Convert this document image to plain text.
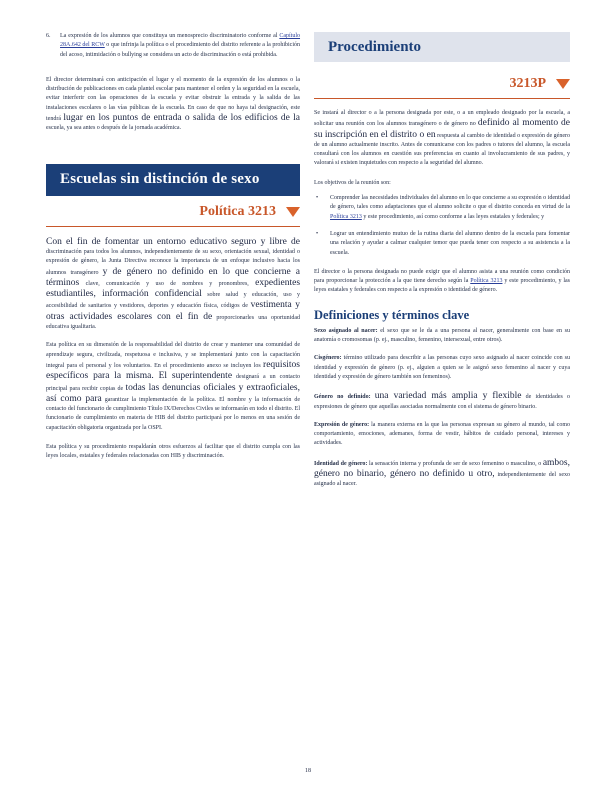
6.	La expresión de los alumnos que constituya un menosprecio discriminatorio conforme al Capítulo 28A.642 del RCW o que infrinja la política o el procedimiento del distrito referente a la prohibición del acoso, intimidación o bullying se considera un acto de discriminación o está prohibida.

El director determinará con anticipación el lugar y el momento de la expresión de los alumnos o la distribución de publicaciones en cada plantel escolar para mantener el orden y la seguridad en la escuela, evitar interferir con las operaciones de la escuela y evitar obstruir la entrada y la salida de las instalaciones escolares o las vías públicas de la escuela. En caso de que no haya tal designación, este tendrá lugar en los puntos de entrada o salida de los edificios de la escuela, ya sea antes o después de la jornada académica.

Escuelas sin distinción de sexo
Política 3213

Con el fin de fomentar un entorno educativo seguro y libre de discriminación para todos los alumnos, independientemente de su sexo, orientación sexual, identidad o expresión de género, la Junta Directiva reconoce la importancia de un enfoque inclusivo hacia los alumnos transgénero y de género no definido en lo que concierne a términos clave, comunicación y uso de nombres y pronombres, expedientes estudiantiles, información confidencial sobre salud y educación, uso y accesibilidad de sanitarios y vestidores, deportes y educación física, códigos de vestimenta y otras actividades escolares con el fin de proporcionarles una oportunidad educativa igualitaria.

Esta política en su dimensión de la responsabilidad del distrito de crear y mantener una comunidad de aprendizaje segura, civilizada, respetuosa e inclusiva, y se implementará junto con la capacitación integral para el personal y los voluntarios. En el procedimiento anexo se incluyen los requisitos específicos para la misma. El superintendente designará a un contacto principal para recibir copias de todas las denuncias oficiales y extraoficiales, así como para garantizar la implementación de la política. El nombre y la información de contacto del funcionario de cumplimiento Título IX/Derechos Civiles se informarán en todo el distrito. El funcionario de cumplimiento en materia de HIB del distrito participará por lo menos en una sesión de capacitación obligatoria organizada por la OSPI.

Esta política y su procedimiento respaldarán otros esfuerzos al facilitar que el distrito cumpla con las leyes locales, estatales y federales relacionadas con HIB y discriminación.

Procedimiento
3213P

Se instará al director o a la persona designada por este, o a un empleado designado por la escuela, a solicitar una reunión con los alumnos transgénero o de género no definido al momento de su inscripción en el distrito o en respuesta al cambio de identidad o expresión de género de un alumno actualmente inscrito. Antes de comunicarse con los padres o tutores del alumno, la escuela consultará con los alumnos en cuestión sus preferencias en cuanto al involucramiento de sus padres, y valorará si existen inquietudes con respecto a la seguridad del alumno.

Los objetivos de la reunión son:

•	Comprender las necesidades individuales del alumno en lo que concierne a su expresión o identidad de género, tales como adaptaciones que el alumno solicite o que el distrito conceda en virtud de la Política 3213 y este procedimiento, así como conforme a las leyes estatales y federales; y

•	Lograr un entendimiento mutuo de la rutina diaria del alumno dentro de la escuela para fomentar una relación y ayudar a calmar cualquier temor que pueda tener con respecto a su asistencia a la escuela.

El director o la persona designada no puede exigir que el alumno asista a una reunión como condición para proporcionar la protección a la que tiene derecho según la Política 3213 y este procedimiento, y las leyes estatales y federales con respecto a la expresión o identidad de género.

Definiciones y términos clave

Sexo asignado al nacer: el sexo que se le da a una persona al nacer, generalmente con base en su anatomía o cromosomas (p. ej., masculino, femenino, intersexual, entre otros).

Cisgénero: término utilizado para describir a las personas cuyo sexo asignado al nacer coincide con su identidad y expresión de género (p. ej., alguien a quien se le asignó sexo femenino al nacer y cuya identidad y expresión de género también son femeninos).

Género no definido: una variedad más amplia y flexible de identidades o expresiones de género que aquellas asociadas normalmente con el sistema de género binario.

Expresión de género: la manera externa en la que las personas expresan su género al mundo, tal como comportamiento, emociones, ademanes, forma de vestir, hábitos de cuidado personal, intereses y actividades.

Identidad de género: la sensación interna y profunda de ser de sexo femenino o masculino, o ambos, género no binario, género no definido u otro, independientemente del sexo asignado al nacer.

18
